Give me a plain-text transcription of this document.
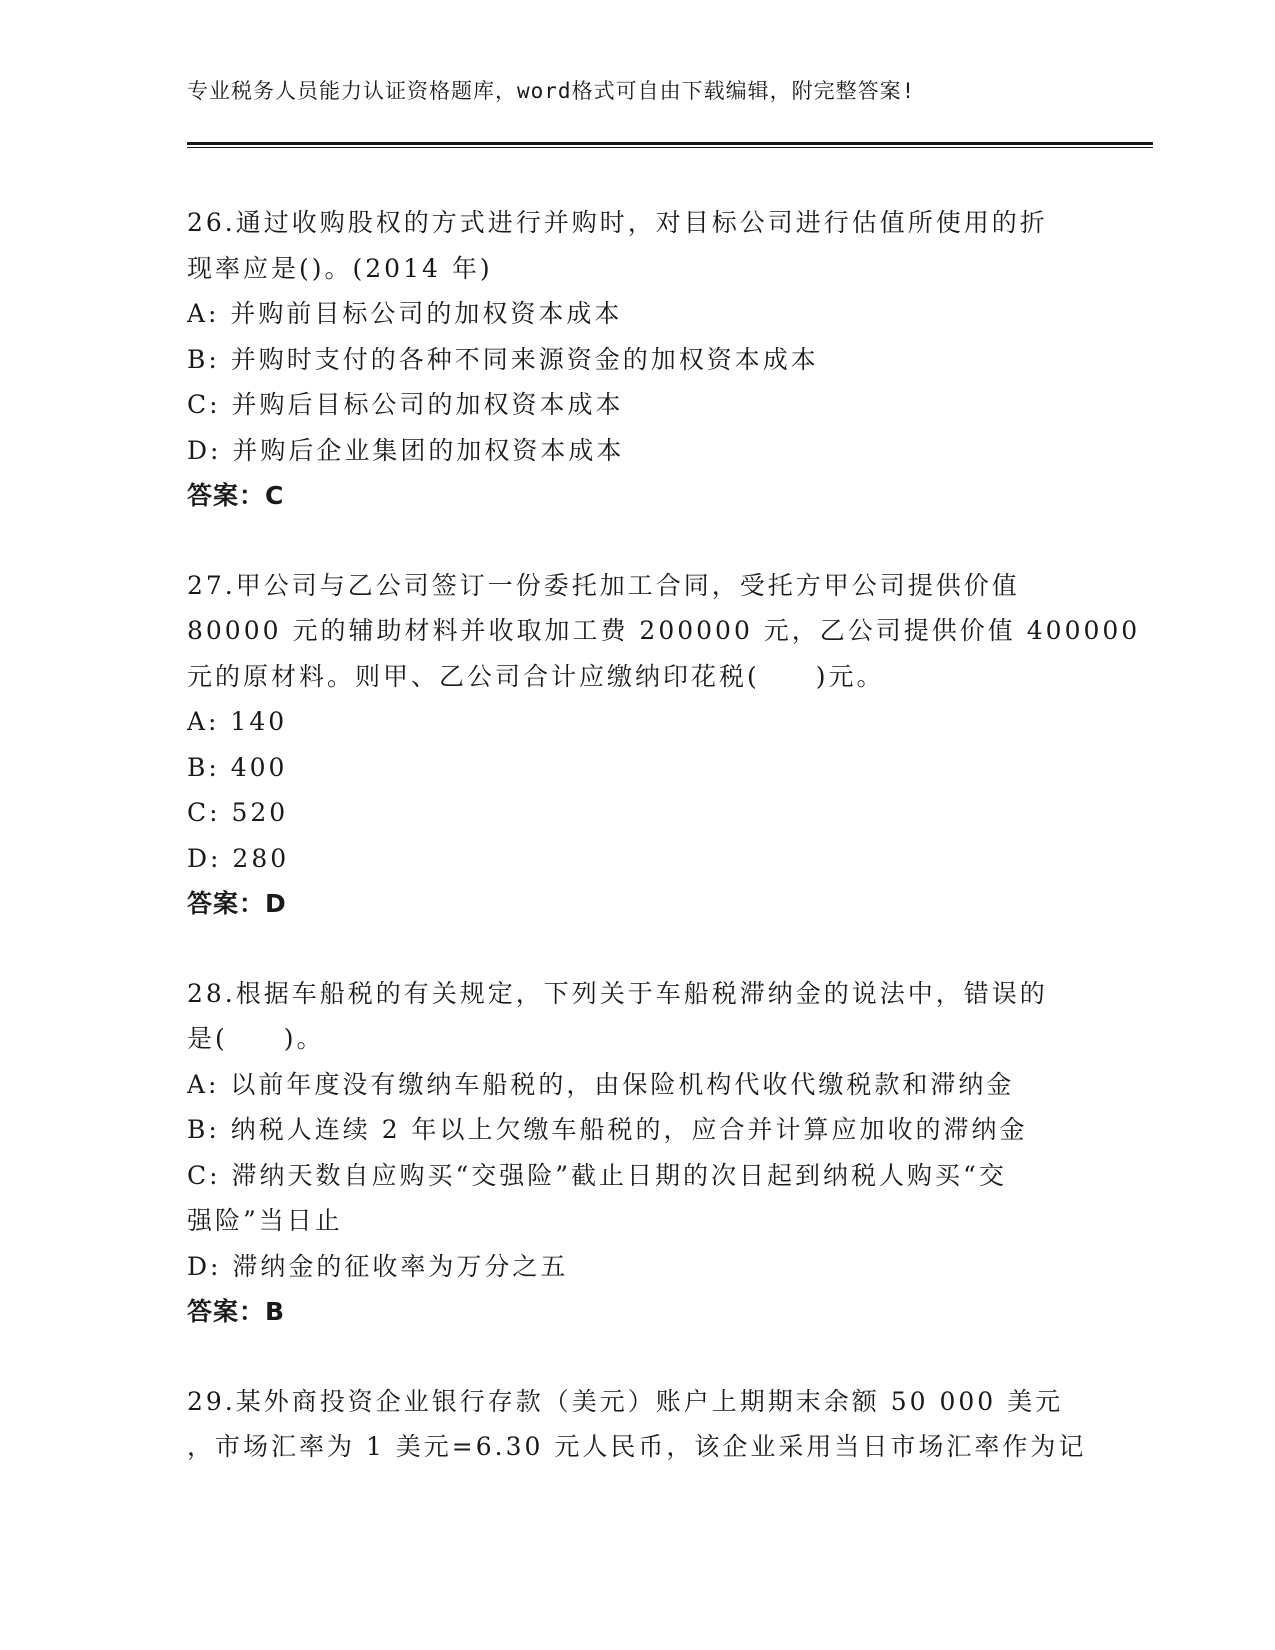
专业税务人员能力认证资格题库，word格式可自由下载编辑，附完整答案!
26.通过收购股权的方式进行并购时，对目标公司进行估值所使用的折
现率应是()。(2014 年)
A: 并购前目标公司的加权资本成本
B: 并购时支付的各种不同来源资金的加权资本成本
C: 并购后目标公司的加权资本成本
D: 并购后企业集团的加权资本成本
答案：C
27.甲公司与乙公司签订一份委托加工合同，受托方甲公司提供价值
80000 元的辅助材料并收取加工费 200000 元，乙公司提供价值 400000
元的原材料。则甲、乙公司合计应缴纳印花税(　　)元。
A: 140
B: 400
C: 520
D: 280
答案：D
28.根据车船税的有关规定，下列关于车船税滞纳金的说法中，错误的
是(　　)。
A: 以前年度没有缴纳车船税的，由保险机构代收代缴税款和滞纳金
B: 纳税人连续 2 年以上欠缴车船税的，应合并计算应加收的滞纳金
C: 滞纳天数自应购买“交强险”截止日期的次日起到纳税人购买“交
强险”当日止
D: 滞纳金的征收率为万分之五
答案：B
29.某外商投资企业银行存款（美元）账户上期期末余额 50 000 美元
，市场汇率为 1 美元=6.30 元人民币，该企业采用当日市场汇率作为记
